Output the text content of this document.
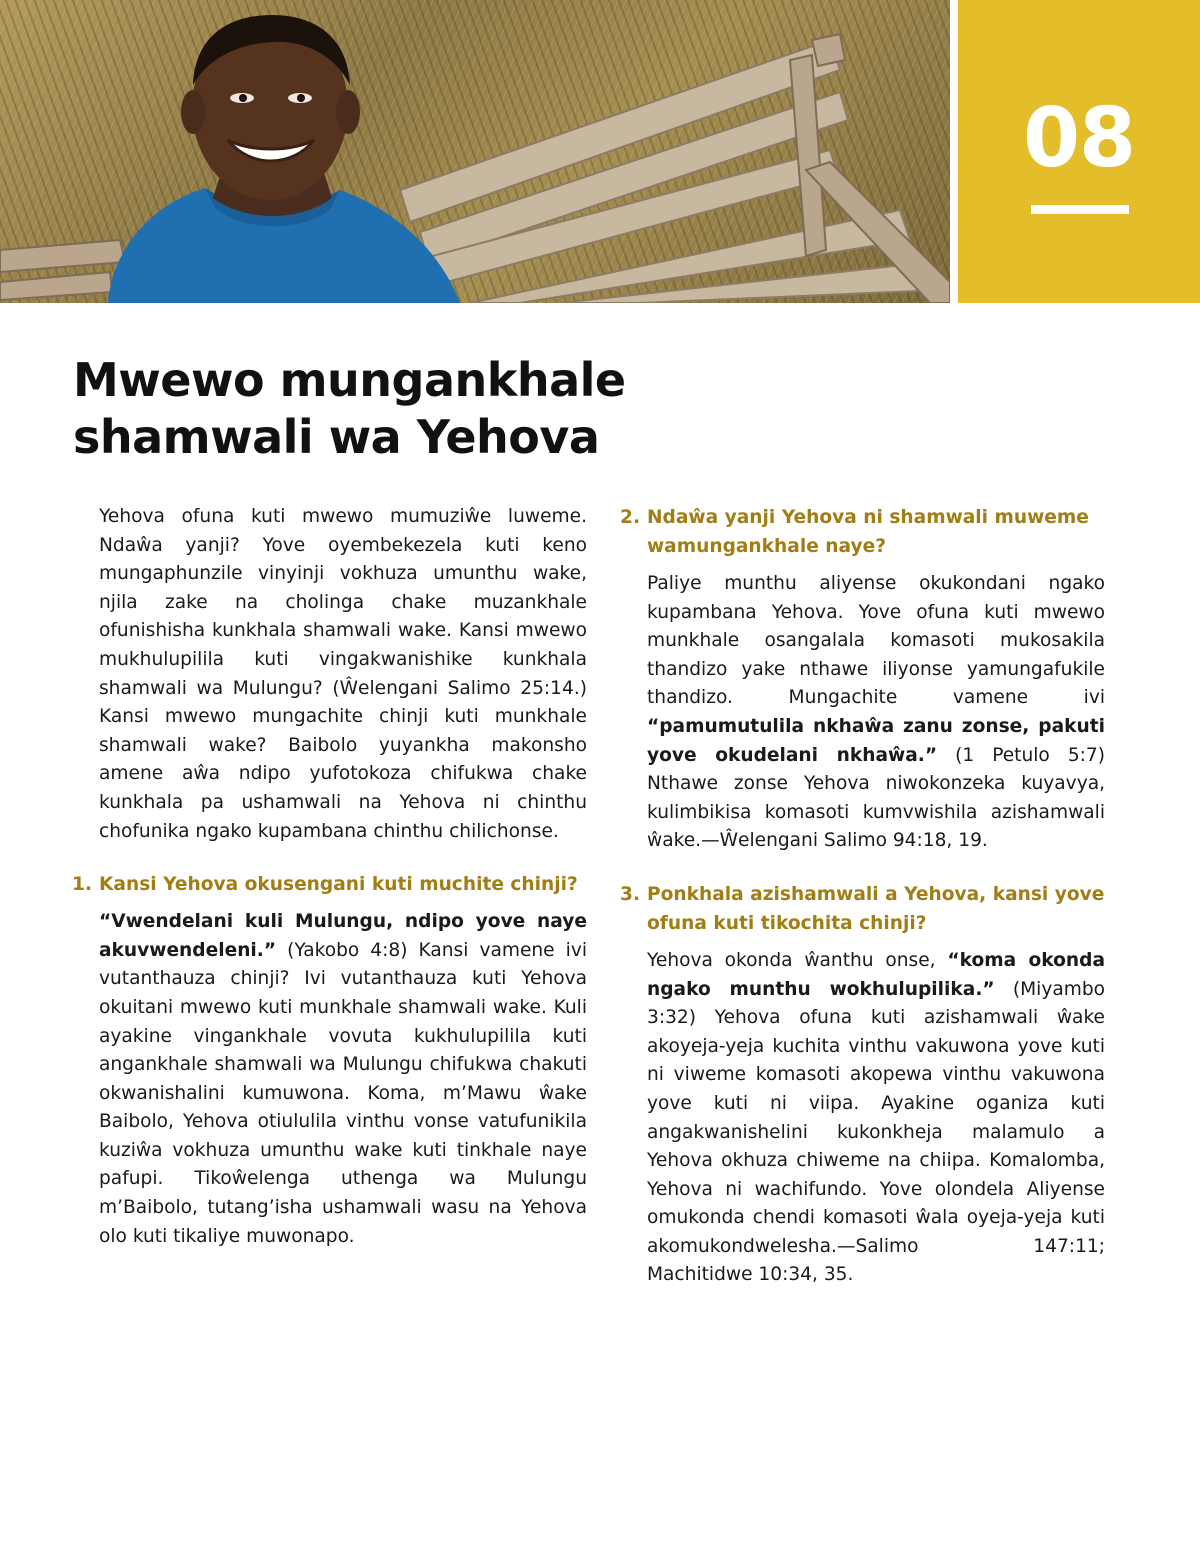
08
Mwewo mungankhale
shamwali wa Yehova

Yehova ofuna kuti mwewo mumuziŵe luweme. Ndaŵa yanji? Yove oyembekezela kuti keno mungaphunzile vinyinji vokhuza umunthu wake, njila zake na cholinga chake muzankhale ofunishisha kunkhala shamwali wake. Kansi mwewo mukhulupilila kuti vingakwanishike kunkhala shamwali wa Mulungu? (Ŵelengani Salimo 25:14.) Kansi mwewo mungachite chinji kuti munkhale shamwali wake? Baibolo yuyankha makonsho amene aŵa ndipo yufotokoza chifukwa chake kunkhala pa ushamwali na Yehova ni chinthu chofunika ngako kupambana chinthu chilichonse.

1. Kansi Yehova okusengani kuti muchite chinji?

“Vwendelani kuli Mulungu, ndipo yove naye akuvwendeleni.” (Yakobo 4:8) Kansi vamene ivi vutanthauza chinji? Ivi vutanthauza kuti Yehova okuitani mwewo kuti munkhale shamwali wake. Kuli ayakine vingankhale vovuta kukhulupilila kuti angankhale shamwali wa Mulungu chifukwa chakuti okwanishalini kumuwona. Koma, m’Mawu ŵake Baibolo, Yehova otiululila vinthu vonse vatufunikila kuziŵa vokhuza umunthu wake kuti tinkhale naye pafupi. Tikoŵelenga uthenga wa Mulungu m’Baibolo, tutang’isha ushamwali wasu na Yehova olo kuti tikaliye muwonapo.

2. Ndaŵa yanji Yehova ni shamwali muweme wamungankhale naye?

Paliye munthu aliyense okukondani ngako kupambana Yehova. Yove ofuna kuti mwewo munkhale osangalala komasoti mukosakila thandizo yake nthawe iliyonse yamungafukile thandizo. Mungachite vamene ivi “pamumutulila nkhaŵa zanu zonse, pakuti yove okudelani nkhaŵa.” (1 Petulo 5:7) Nthawe zonse Yehova niwokonzeka kuyavya, kulimbikisa komasoti kumvwishila azishamwali ŵake.—Ŵelengani Salimo 94:18, 19.

3. Ponkhala azishamwali a Yehova, kansi yove ofuna kuti tikochita chinji?

Yehova okonda ŵanthu onse, “koma okonda ngako munthu wokhulupilika.” (Miyambo 3:32) Yehova ofuna kuti azishamwali ŵake akoyeja-yeja kuchita vinthu vakuwona yove kuti ni viweme komasoti akopewa vinthu vakuwona yove kuti ni viipa. Ayakine oganiza kuti angakwanishelini kukonkheja malamulo a Yehova okhuza chiweme na chiipa. Komalomba, Yehova ni wachifundo. Yove olondela Aliyense omukonda chendi komasoti ŵala oyeja-yeja kuti akomukondwelesha.—Salimo 147:11; Machitidwe 10:34, 35.
